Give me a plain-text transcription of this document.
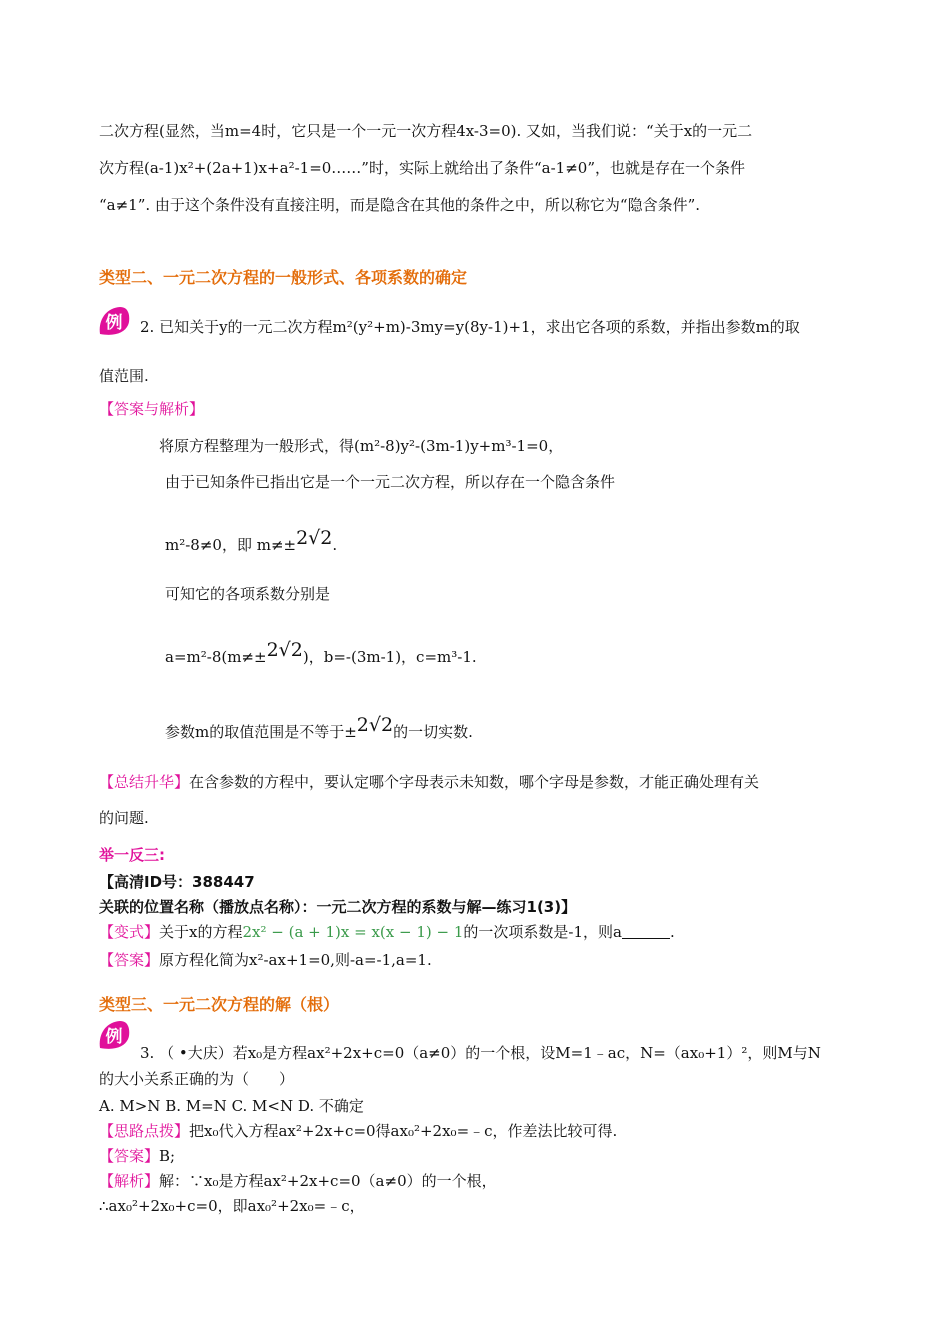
二次方程(显然，当m=4时，它只是一个一元一次方程4x-3=0). 又如，当我们说：“关于x的一元二
次方程(a-1)x²+(2a+1)x+a²-1=0……”时，实际上就给出了条件“a-1≠0”，也就是存在一个条件
“a≠1”. 由于这个条件没有直接注明，而是隐含在其他的条件之中，所以称它为“隐含条件”.
类型二、一元二次方程的一般形式、各项系数的确定
例 2. 已知关于y的一元二次方程m²(y²+m)-3my=y(8y-1)+1，求出它各项的系数，并指出参数m的取
值范围.
【答案与解析】
将原方程整理为一般形式，得(m²-8)y²-(3m-1)y+m³-1=0，
由于已知条件已指出它是一个一元二次方程，所以存在一个隐含条件
m²-8≠0，即 m≠±2√2.
可知它的各项系数分别是
a=m²-8(m≠±2√2)，b=-(3m-1)，c=m³-1.
参数m的取值范围是不等于±2√2的一切实数.
【总结升华】在含参数的方程中，要认定哪个字母表示未知数，哪个字母是参数，才能正确处理有关
的问题.
举一反三:
【高清ID号：388447
关联的位置名称（播放点名称）：一元二次方程的系数与解—练习1(3)】
【变式】关于x的方程2x² − (a + 1)x = x(x − 1) − 1的一次项系数是-1，则a	.
【答案】原方程化简为x²-ax+1=0,则-a=-1,a=1.
类型三、一元二次方程的解（根）
例
3. （ •大庆）若x₀是方程ax²+2x+c=0（a≠0）的一个根，设M=1﹣ac，N=（ax₀+1）²，则M与N
的大小关系正确的为（　　）
A. M>N B. M=N C. M<N D. 不确定
【思路点拨】把x₀代入方程ax²+2x+c=0得ax₀²+2x₀=﹣c，作差法比较可得.
【答案】B;
【解析】解：∵x₀是方程ax²+2x+c=0（a≠0）的一个根，
∴ax₀²+2x₀+c=0，即ax₀²+2x₀=﹣c，
